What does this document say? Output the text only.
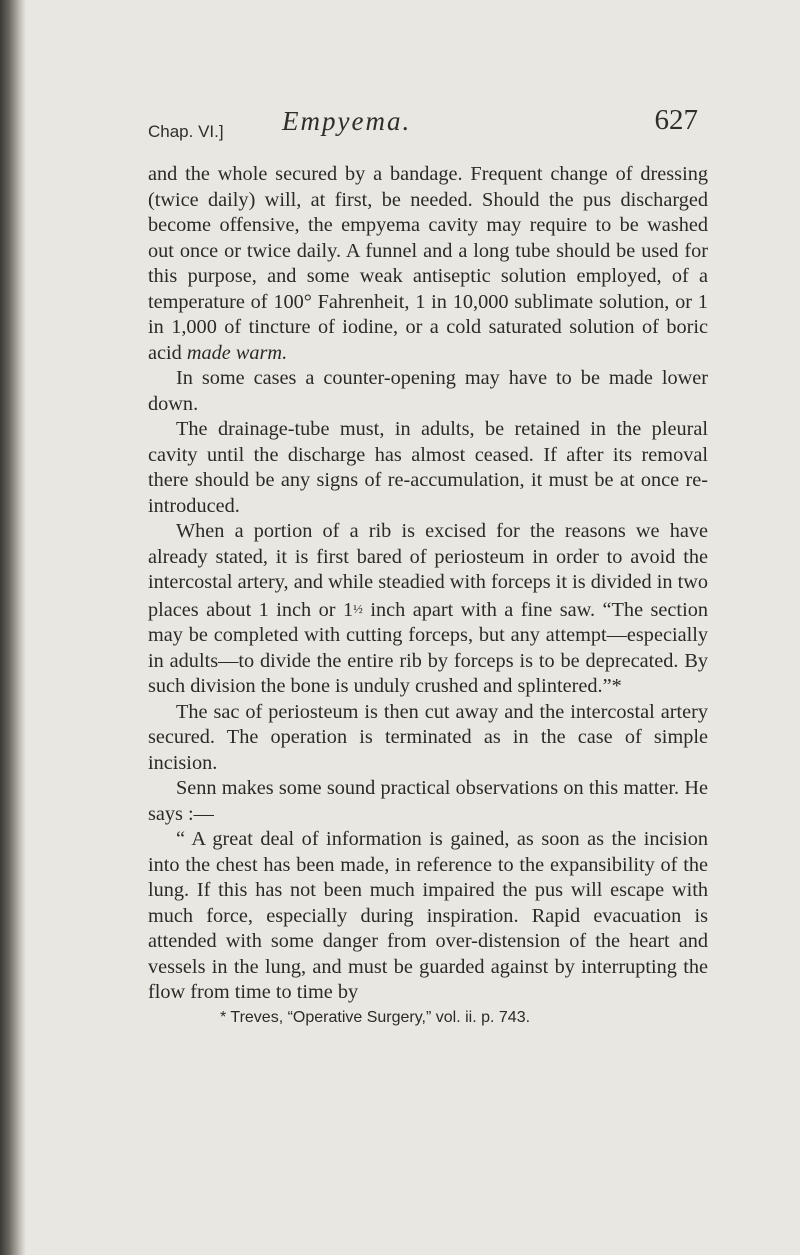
Chap. VI.] Empyema.	627

and the whole secured by a bandage. Frequent change of dressing (twice daily) will, at first, be needed. Should the pus discharged become offensive, the empyema cavity may require to be washed out once or twice daily. A funnel and a long tube should be used for this purpose, and some weak antiseptic solution employed, of a temperature of 100° Fahrenheit, 1 in 10,000 sublimate solution, or 1 in 1,000 of tincture of iodine, or a cold saturated solution of boric acid made warm.

In some cases a counter-opening may have to be made lower down.

The drainage-tube must, in adults, be retained in the pleural cavity until the discharge has almost ceased. If after its removal there should be any signs of re-accumulation, it must be at once re-introduced.

When a portion of a rib is excised for the reasons we have already stated, it is first bared of periosteum in order to avoid the intercostal artery, and while steadied with forceps it is divided in two places about 1 inch or 1½ inch apart with a fine saw. “The section may be completed with cutting forceps, but any attempt—especially in adults—to divide the entire rib by forceps is to be deprecated. By such division the bone is unduly crushed and splintered.”*

The sac of periosteum is then cut away and the intercostal artery secured. The operation is terminated as in the case of simple incision.

Senn makes some sound practical observations on this matter. He says :—

“ A great deal of information is gained, as soon as the incision into the chest has been made, in reference to the expansibility of the lung. If this has not been much impaired the pus will escape with much force, especially during inspiration. Rapid evacuation is attended with some danger from over-distension of the heart and vessels in the lung, and must be guarded against by interrupting the flow from time to time by

* Treves, “Operative Surgery,” vol. ii. p. 743.
